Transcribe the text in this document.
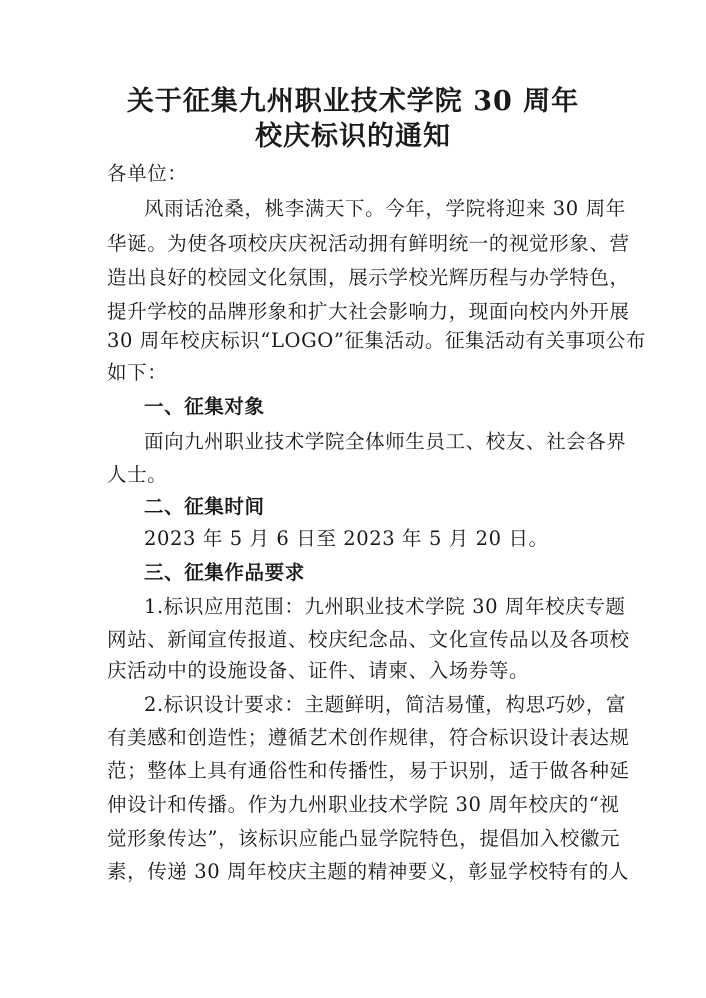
关于征集九州职业技术学院 30 周年
校庆标识的通知
各单位：
风雨话沧桑，桃李满天下。今年，学院将迎来 30 周年
华诞。为使各项校庆庆祝活动拥有鲜明统一的视觉形象、营
造出良好的校园文化氛围，展示学校光辉历程与办学特色，
提升学校的品牌形象和扩大社会影响力，现面向校内外开展
30 周年校庆标识“LOGO”征集活动。征集活动有关事项公布
如下：
一、征集对象
面向九州职业技术学院全体师生员工、校友、社会各界
人士。
二、征集时间
2023 年 5 月 6 日至 2023 年 5 月 20 日。
三、征集作品要求
1.标识应用范围：九州职业技术学院 30 周年校庆专题
网站、新闻宣传报道、校庆纪念品、文化宣传品以及各项校
庆活动中的设施设备、证件、请柬、入场券等。
2.标识设计要求：主题鲜明，简洁易懂，构思巧妙，富
有美感和创造性；遵循艺术创作规律，符合标识设计表达规
范；整体上具有通俗性和传播性，易于识别，适于做各种延
伸设计和传播。作为九州职业技术学院 30 周年校庆的“视
觉形象传达”，该标识应能凸显学院特色，提倡加入校徽元
素，传递 30 周年校庆主题的精神要义，彰显学校特有的人
